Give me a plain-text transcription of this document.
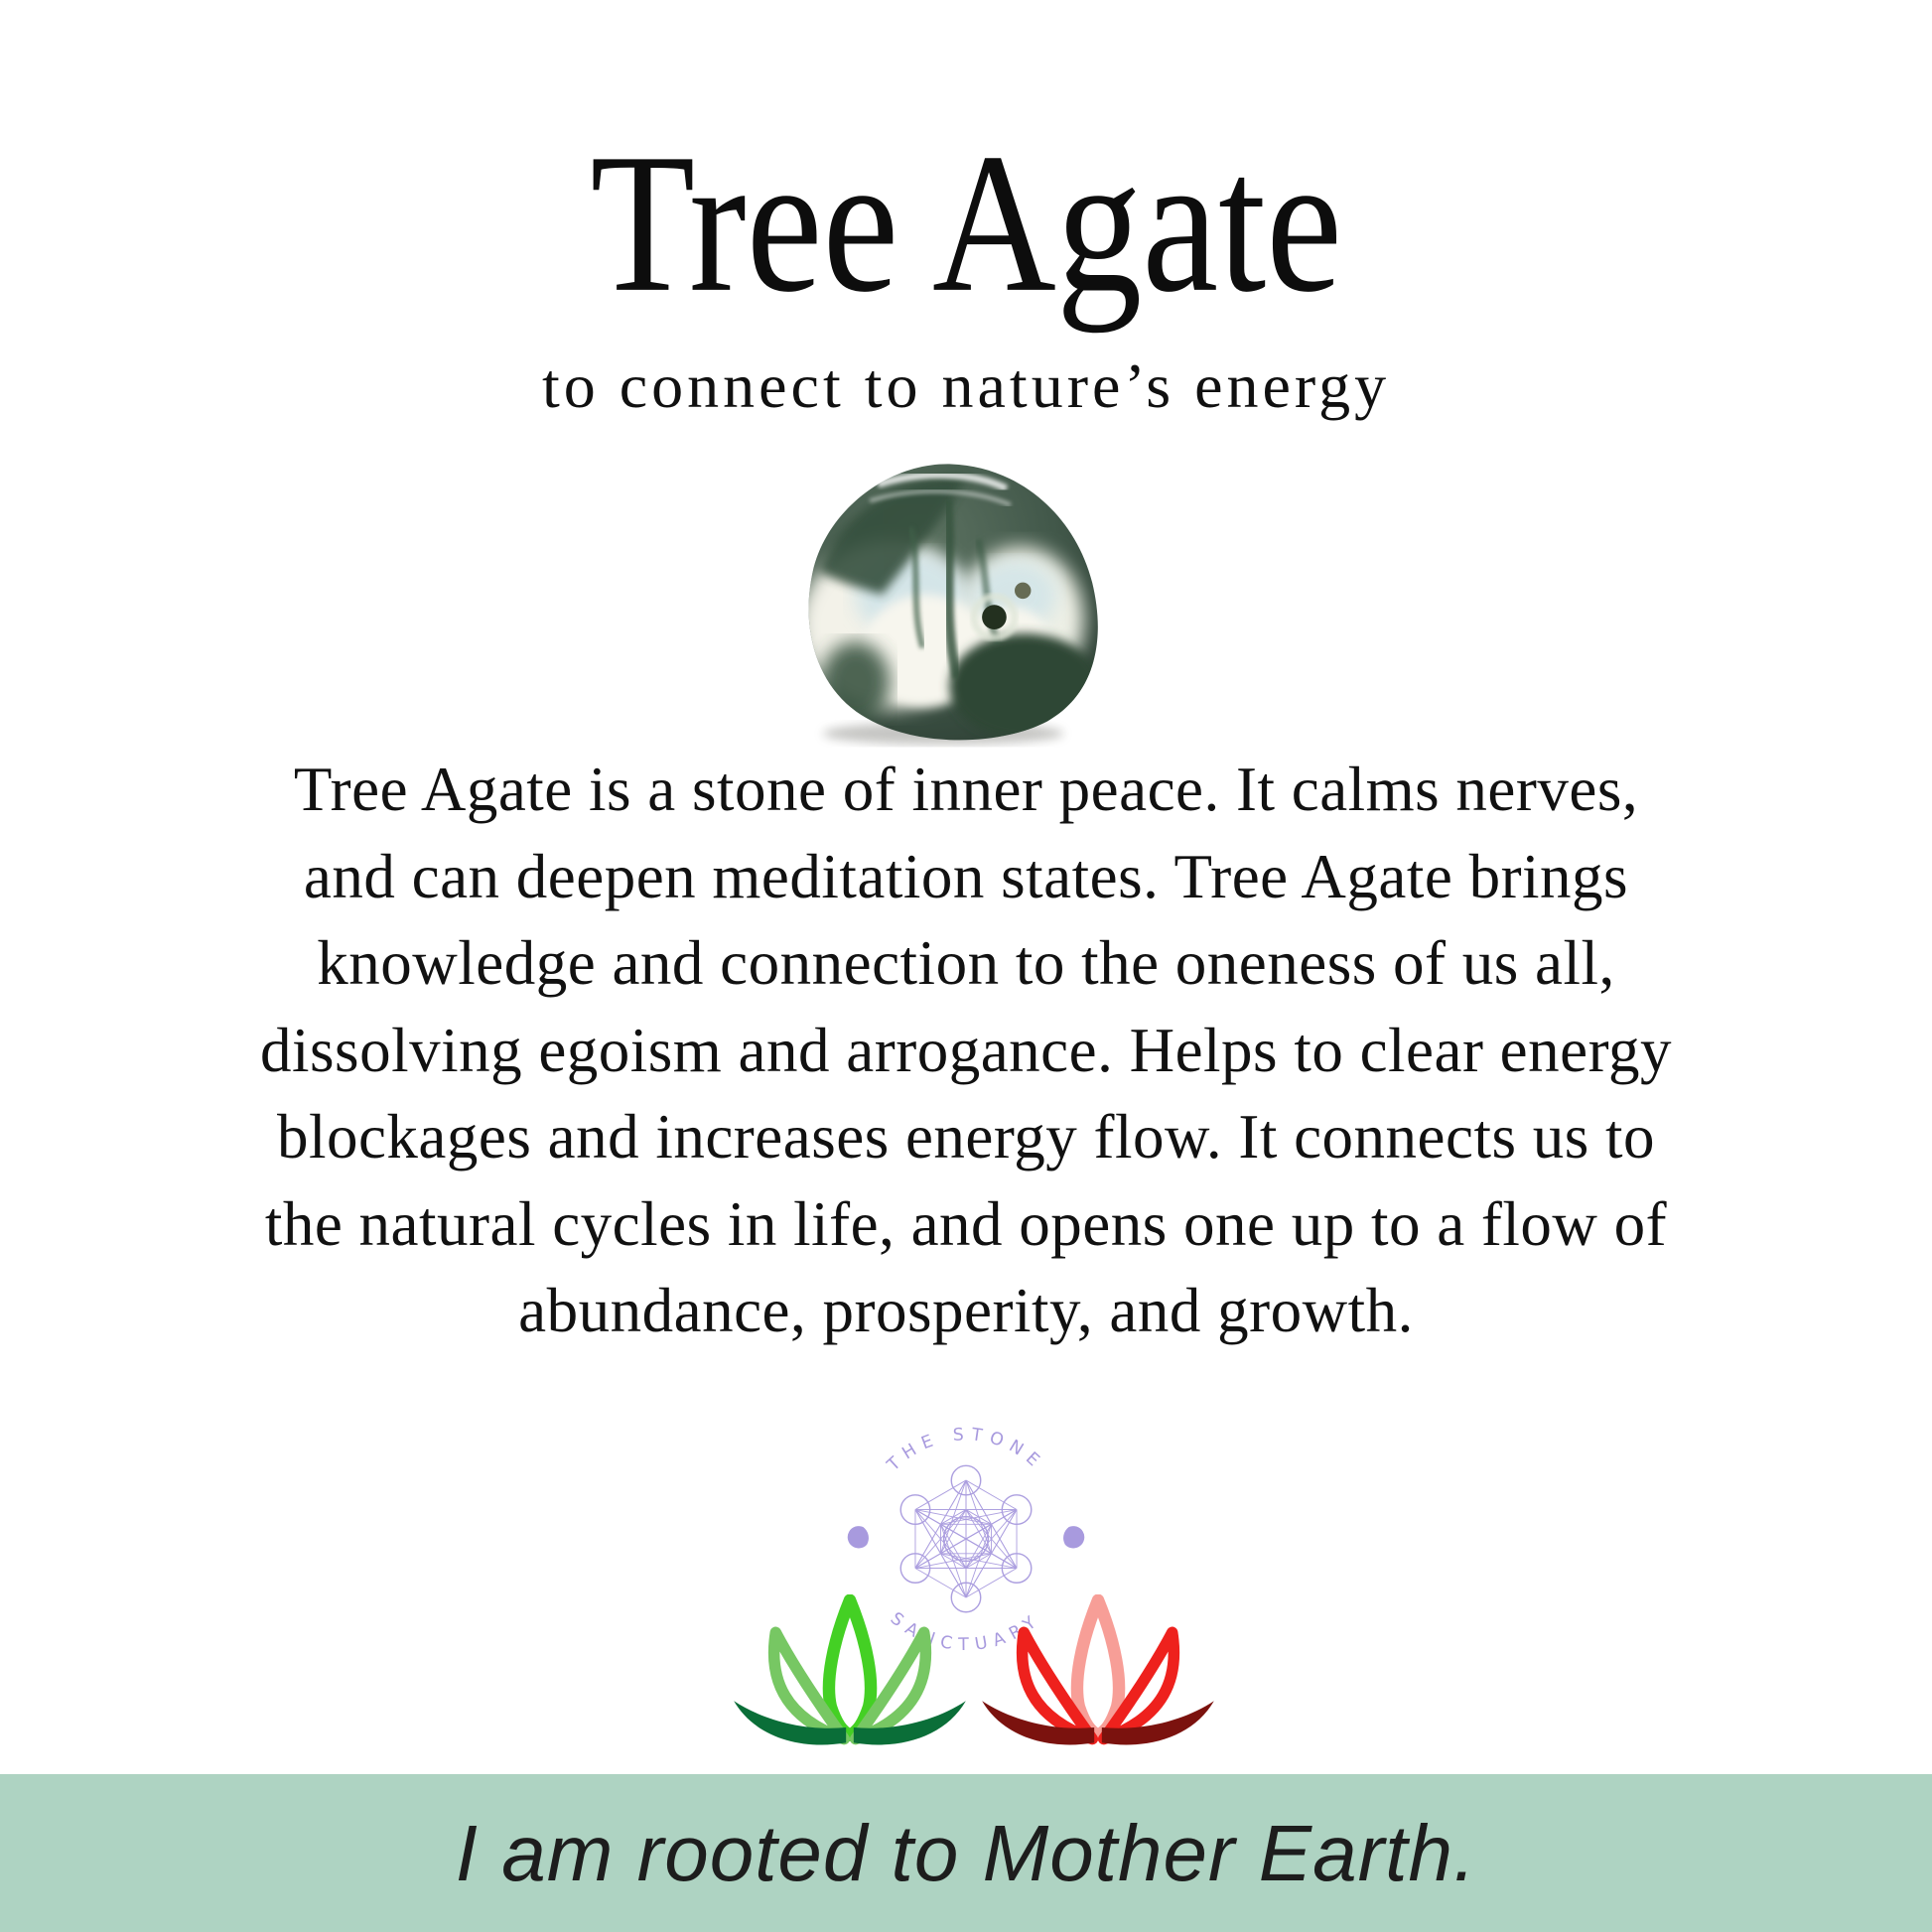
Tree Agate
to connect to nature’s energy
Tree Agate is a stone of inner peace. It calms nerves,
and can deepen meditation states. Tree Agate brings
knowledge and connection to the oneness of us all,
dissolving egoism and arrogance. Helps to clear energy
blockages and increases energy flow. It connects us to
the natural cycles in life, and opens one up to a flow of
abundance, prosperity, and growth.
THE STONE
SANCTUARY
I am rooted to Mother Earth.
